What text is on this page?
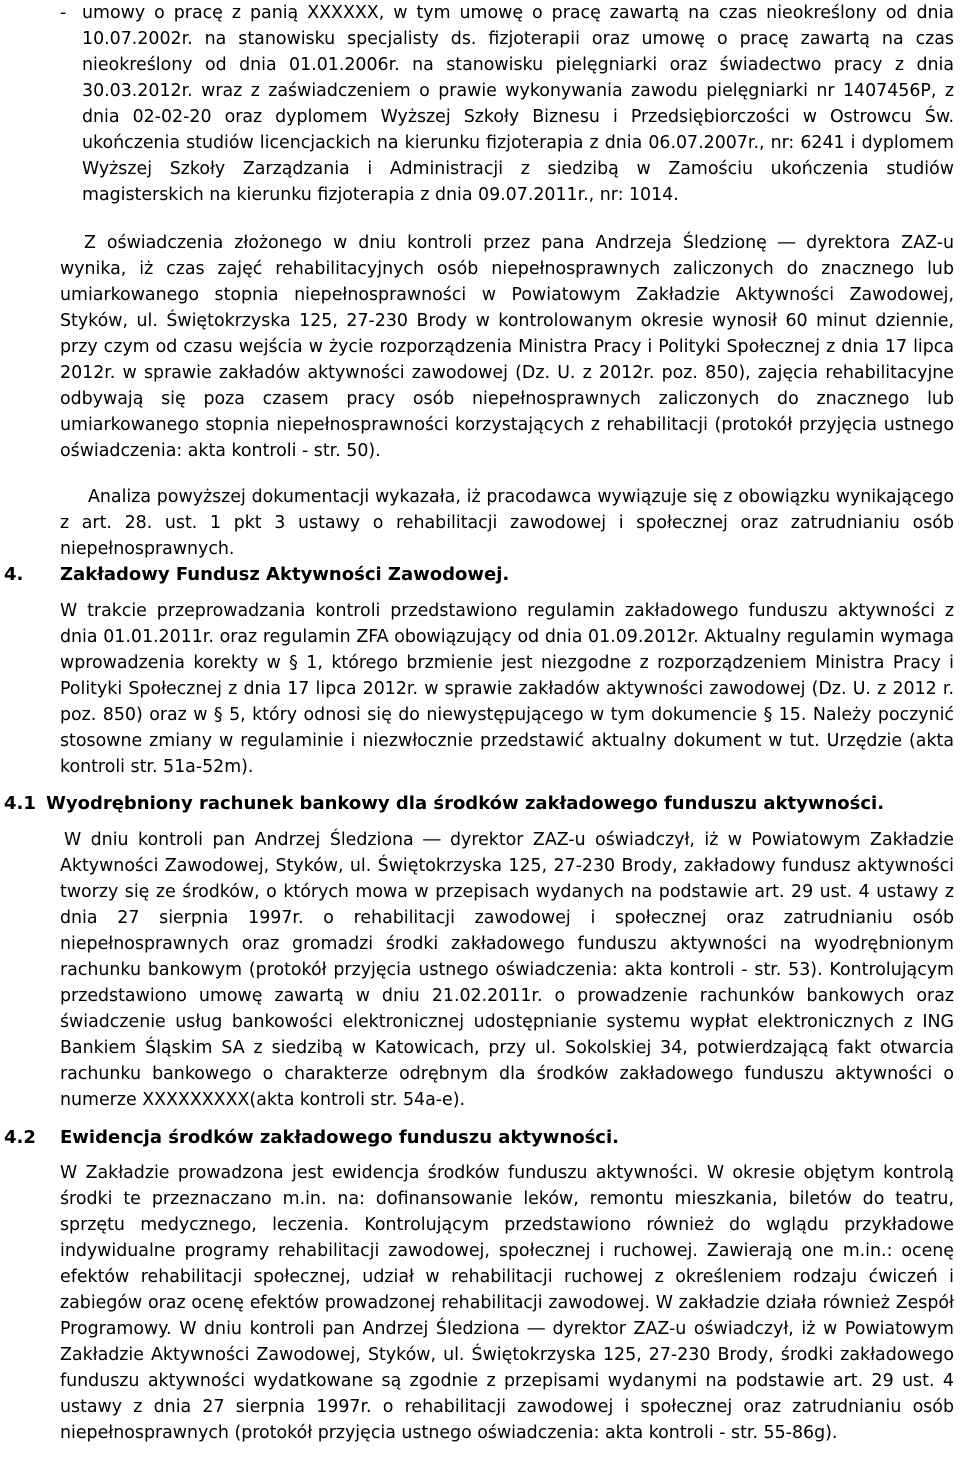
- umowy o pracę z panią XXXXXX, w tym umowę o pracę zawartą na czas nieokreślony od dnia 10.07.2002r. na stanowisku specjalisty ds. fizjoterapii oraz umowę o pracę zawartą na czas nieokreślony od dnia 01.01.2006r. na stanowisku pielęgniarki oraz świadectwo pracy z dnia 30.03.2012r. wraz z zaświadczeniem o prawie wykonywania zawodu pielęgniarki nr 1407456P, z dnia 02-02-20 oraz dyplomem Wyższej Szkoły Biznesu i Przedsiębiorczości w Ostrowcu Św. ukończenia studiów licencjackich na kierunku fizjoterapia z dnia 06.07.2007r., nr: 6241 i dyplomem Wyższej Szkoły Zarządzania i Administracji z siedzibą w Zamościu ukończenia studiów magisterskich na kierunku fizjoterapia z dnia 09.07.2011r., nr: 1014.

Z oświadczenia złożonego w dniu kontroli przez pana Andrzeja Śledzionę ― dyrektora ZAZ-u wynika, iż czas zajęć rehabilitacyjnych osób niepełnosprawnych zaliczonych do znacznego lub umiarkowanego stopnia niepełnosprawności w Powiatowym Zakładzie Aktywności Zawodowej, Styków, ul. Świętokrzyska 125, 27-230 Brody w kontrolowanym okresie wynosił 60 minut dziennie, przy czym od czasu wejścia w życie rozporządzenia Ministra Pracy i Polityki Społecznej z dnia 17 lipca 2012r. w sprawie zakładów aktywności zawodowej (Dz. U. z 2012r. poz. 850), zajęcia rehabilitacyjne odbywają się poza czasem pracy osób niepełnosprawnych zaliczonych do znacznego lub umiarkowanego stopnia niepełnosprawności korzystających z rehabilitacji (protokół przyjęcia ustnego oświadczenia: akta kontroli - str. 50).

Analiza powyższej dokumentacji wykazała, iż pracodawca wywiązuje się z obowiązku wynikającego z art. 28. ust. 1 pkt 3 ustawy o rehabilitacji zawodowej i społecznej oraz zatrudnianiu osób niepełnosprawnych.

4. Zakładowy Fundusz Aktywności Zawodowej.

W trakcie przeprowadzania kontroli przedstawiono regulamin zakładowego funduszu aktywności z dnia 01.01.2011r. oraz regulamin ZFA obowiązujący od dnia 01.09.2012r. Aktualny regulamin wymaga wprowadzenia korekty w § 1, którego brzmienie jest niezgodne z rozporządzeniem Ministra Pracy i Polityki Społecznej z dnia 17 lipca 2012r. w sprawie zakładów aktywności zawodowej (Dz. U. z 2012 r. poz. 850) oraz w § 5, który odnosi się do niewystępującego w tym dokumencie § 15. Należy poczynić stosowne zmiany w regulaminie i niezwłocznie przedstawić aktualny dokument w tut. Urzędzie (akta kontroli str. 51a-52m).

4.1 Wyodrębniony rachunek bankowy dla środków zakładowego funduszu aktywności.

W dniu kontroli pan Andrzej Śledziona ― dyrektor ZAZ-u oświadczył, iż w Powiatowym Zakładzie Aktywności Zawodowej, Styków, ul. Świętokrzyska 125, 27-230 Brody, zakładowy fundusz aktywności tworzy się ze środków, o których mowa w przepisach wydanych na podstawie art. 29 ust. 4 ustawy z dnia 27 sierpnia 1997r. o rehabilitacji zawodowej i społecznej oraz zatrudnianiu osób niepełnosprawnych oraz gromadzi środki zakładowego funduszu aktywności na wyodrębnionym rachunku bankowym (protokół przyjęcia ustnego oświadczenia: akta kontroli - str. 53). Kontrolującym przedstawiono umowę zawartą w dniu 21.02.2011r. o prowadzenie rachunków bankowych oraz świadczenie usług bankowości elektronicznej udostępnianie systemu wypłat elektronicznych z ING Bankiem Śląskim SA z siedzibą w Katowicach, przy ul. Sokolskiej 34, potwierdzającą fakt otwarcia rachunku bankowego o charakterze odrębnym dla środków zakładowego funduszu aktywności o numerze XXXXXXXXX(akta kontroli str. 54a-e).

4.2 Ewidencja środków zakładowego funduszu aktywności.

W Zakładzie prowadzona jest ewidencja środków funduszu aktywności. W okresie objętym kontrolą środki te przeznaczano m.in. na: dofinansowanie leków, remontu mieszkania, biletów do teatru, sprzętu medycznego, leczenia. Kontrolującym przedstawiono również do wglądu przykładowe indywidualne programy rehabilitacji zawodowej, społecznej i ruchowej. Zawierają one m.in.: ocenę efektów rehabilitacji społecznej, udział w rehabilitacji ruchowej z określeniem rodzaju ćwiczeń i zabiegów oraz ocenę efektów prowadzonej rehabilitacji zawodowej. W zakładzie działa również Zespół Programowy. W dniu kontroli pan Andrzej Śledziona ― dyrektor ZAZ-u oświadczył, iż w Powiatowym Zakładzie Aktywności Zawodowej, Styków, ul. Świętokrzyska 125, 27-230 Brody, środki zakładowego funduszu aktywności wydatkowane są zgodnie z przepisami wydanymi na podstawie art. 29 ust. 4 ustawy z dnia 27 sierpnia 1997r. o rehabilitacji zawodowej i społecznej oraz zatrudnianiu osób niepełnosprawnych (protokół przyjęcia ustnego oświadczenia: akta kontroli - str. 55-86g).
